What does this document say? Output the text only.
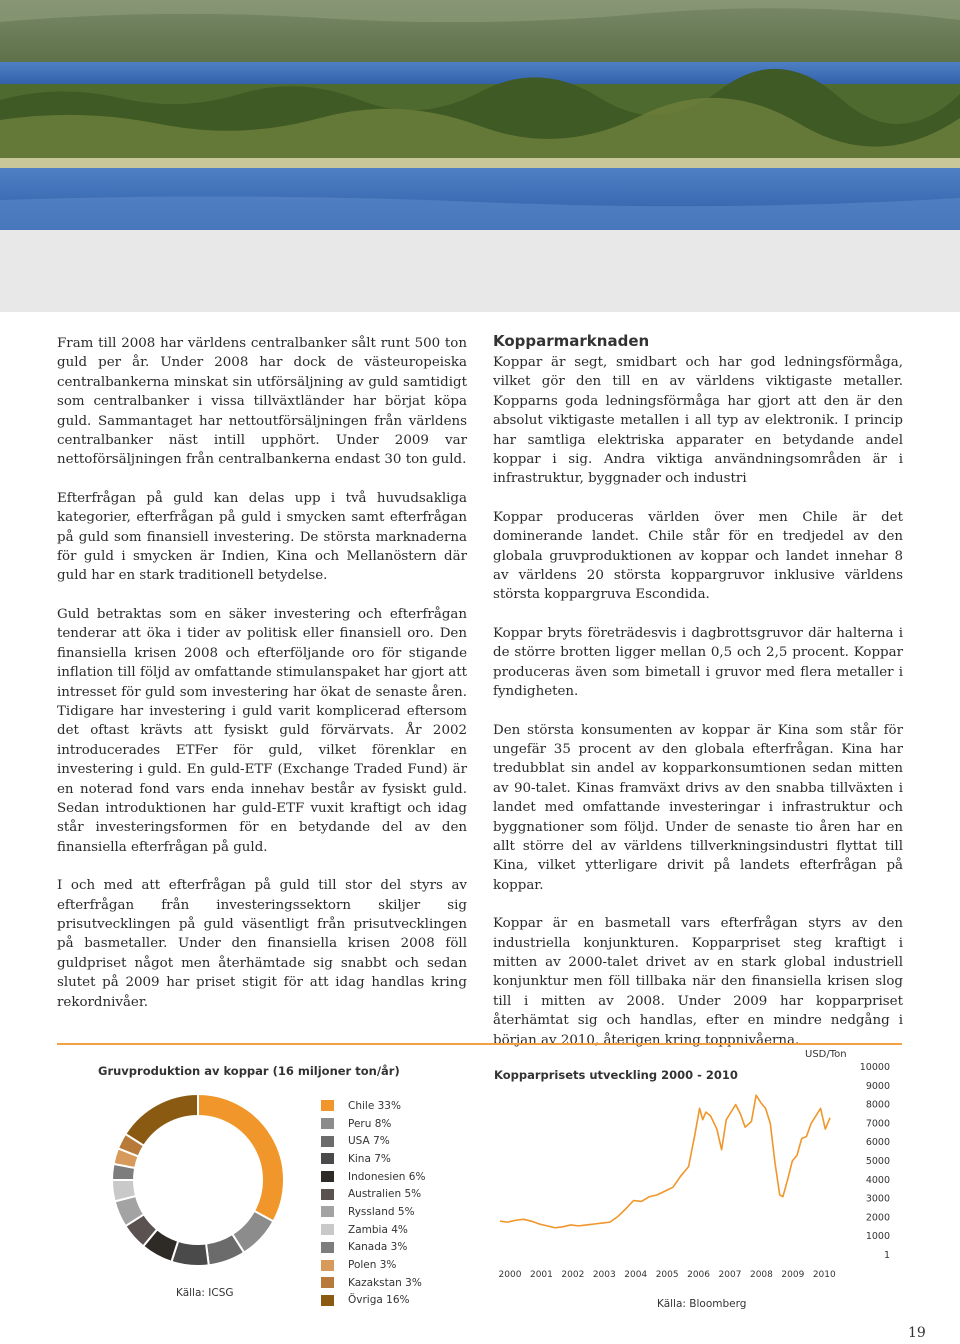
Fram till 2008 har världens centralbanker sålt runt 500 ton guld per år. Under 2008 har dock de västeuropeiska centralbankerna minskat sin utförsäljning av guld samtidigt som centralbanker i vissa tillväxtländer har börjat köpa guld. Sammantaget har nettoutförsäljningen från världens centralbanker näst intill upphört. Under 2009 var nettoförsäljningen från centralbankerna endast 30 ton guld.

Efterfrågan på guld kan delas upp i två huvudsakliga kategorier, efterfrågan på guld i smycken samt efterfrågan på guld som finansiell investering. De största marknaderna för guld i smycken är Indien, Kina och Mellanöstern där guld har en stark traditionell betydelse.

Guld betraktas som en säker investering och efterfrågan tenderar att öka i tider av politisk eller finansiell oro. Den finansiella krisen 2008 och efterföljande oro för stigande inflation till följd av omfattande stimulanspaket har gjort att intresset för guld som investering har ökat de senaste åren. Tidigare har investering i guld varit komplicerad eftersom det oftast krävts att fysiskt guld förvärvats. År 2002 introducerades ETFer för guld, vilket förenklar en investering i guld. En guld-ETF (Exchange Traded Fund) är en noterad fond vars enda innehav består av fysiskt guld. Sedan introduktionen har guld-ETF vuxit kraftigt och idag står investeringsformen för en betydande del av den finansiella efterfrågan på guld.

I och med att efterfrågan på guld till stor del styrs av efterfrågan från investeringssektorn skiljer sig prisutvecklingen på guld väsentligt från prisutvecklingen på basmetaller. Under den finansiella krisen 2008 föll guldpriset något men återhämtade sig snabbt och sedan slutet på 2009 har priset stigit för att idag handlas kring rekordnivåer.

Kopparmarknaden

Koppar är segt, smidbart och har god ledningsförmåga, vilket gör den till en av världens viktigaste metaller. Kopparns goda ledningsförmåga har gjort att den är den absolut viktigaste metallen i all typ av elektronik. I princip har samtliga elektriska apparater en betydande andel koppar i sig. Andra viktiga användningsområden är i infrastruktur, byggnader och industri

Koppar produceras världen över men Chile är det dominerande landet. Chile står för en tredjedel av den globala gruvproduktionen av koppar och landet innehar 8 av världens 20 största koppargruvor inklusive världens största koppargruva Escondida.

Koppar bryts företrädesvis i dagbrottsgruvor där halterna i de större brotten ligger mellan 0,5 och 2,5 procent. Koppar produceras även som bimetall i gruvor med flera metaller i fyndigheten.

Den största konsumenten av koppar är Kina som står för ungefär 35 procent av den globala efterfrågan. Kina har tredubblat sin andel av kopparkonsumtionen sedan mitten av 90-talet. Kinas framväxt drivs av den snabba tillväxten i landet med omfattande investeringar i infrastruktur och byggnationer som följd. Under de senaste tio åren har en allt större del av världens tillverkningsindustri flyttat till Kina, vilket ytterligare drivit på landets efterfrågan på koppar.

Koppar är en basmetall vars efterfrågan styrs av den industriella konjunkturen. Kopparpriset steg kraftigt i mitten av 2000-talet drivet av en stark global industriell konjunktur men föll tillbaka när den finansiella krisen slog till i mitten av 2008. Under 2009 har kopparpriset återhämtat sig och handlas, efter en mindre nedgång i början av 2010, återigen kring toppnivåerna.

Gruvproduktion av koppar (16 miljoner ton/år)
Chile 33%
Peru 8%
USA 7%
Kina 7%
Indonesien 6%
Australien 5%
Ryssland 5%
Zambia 4%
Kanada 3%
Polen 3%
Kazakstan 3%
Övriga 16%
Källa: ICSG
Kopparprisets utveckling 2000 - 2010
USD/Ton
2000 2001 2002 2003 2004 2005 2006 2007 2008 2009 2010
1
1000
2000
3000
4000
5000
6000
7000
8000
9000
10000
Källa: Bloomberg
19
